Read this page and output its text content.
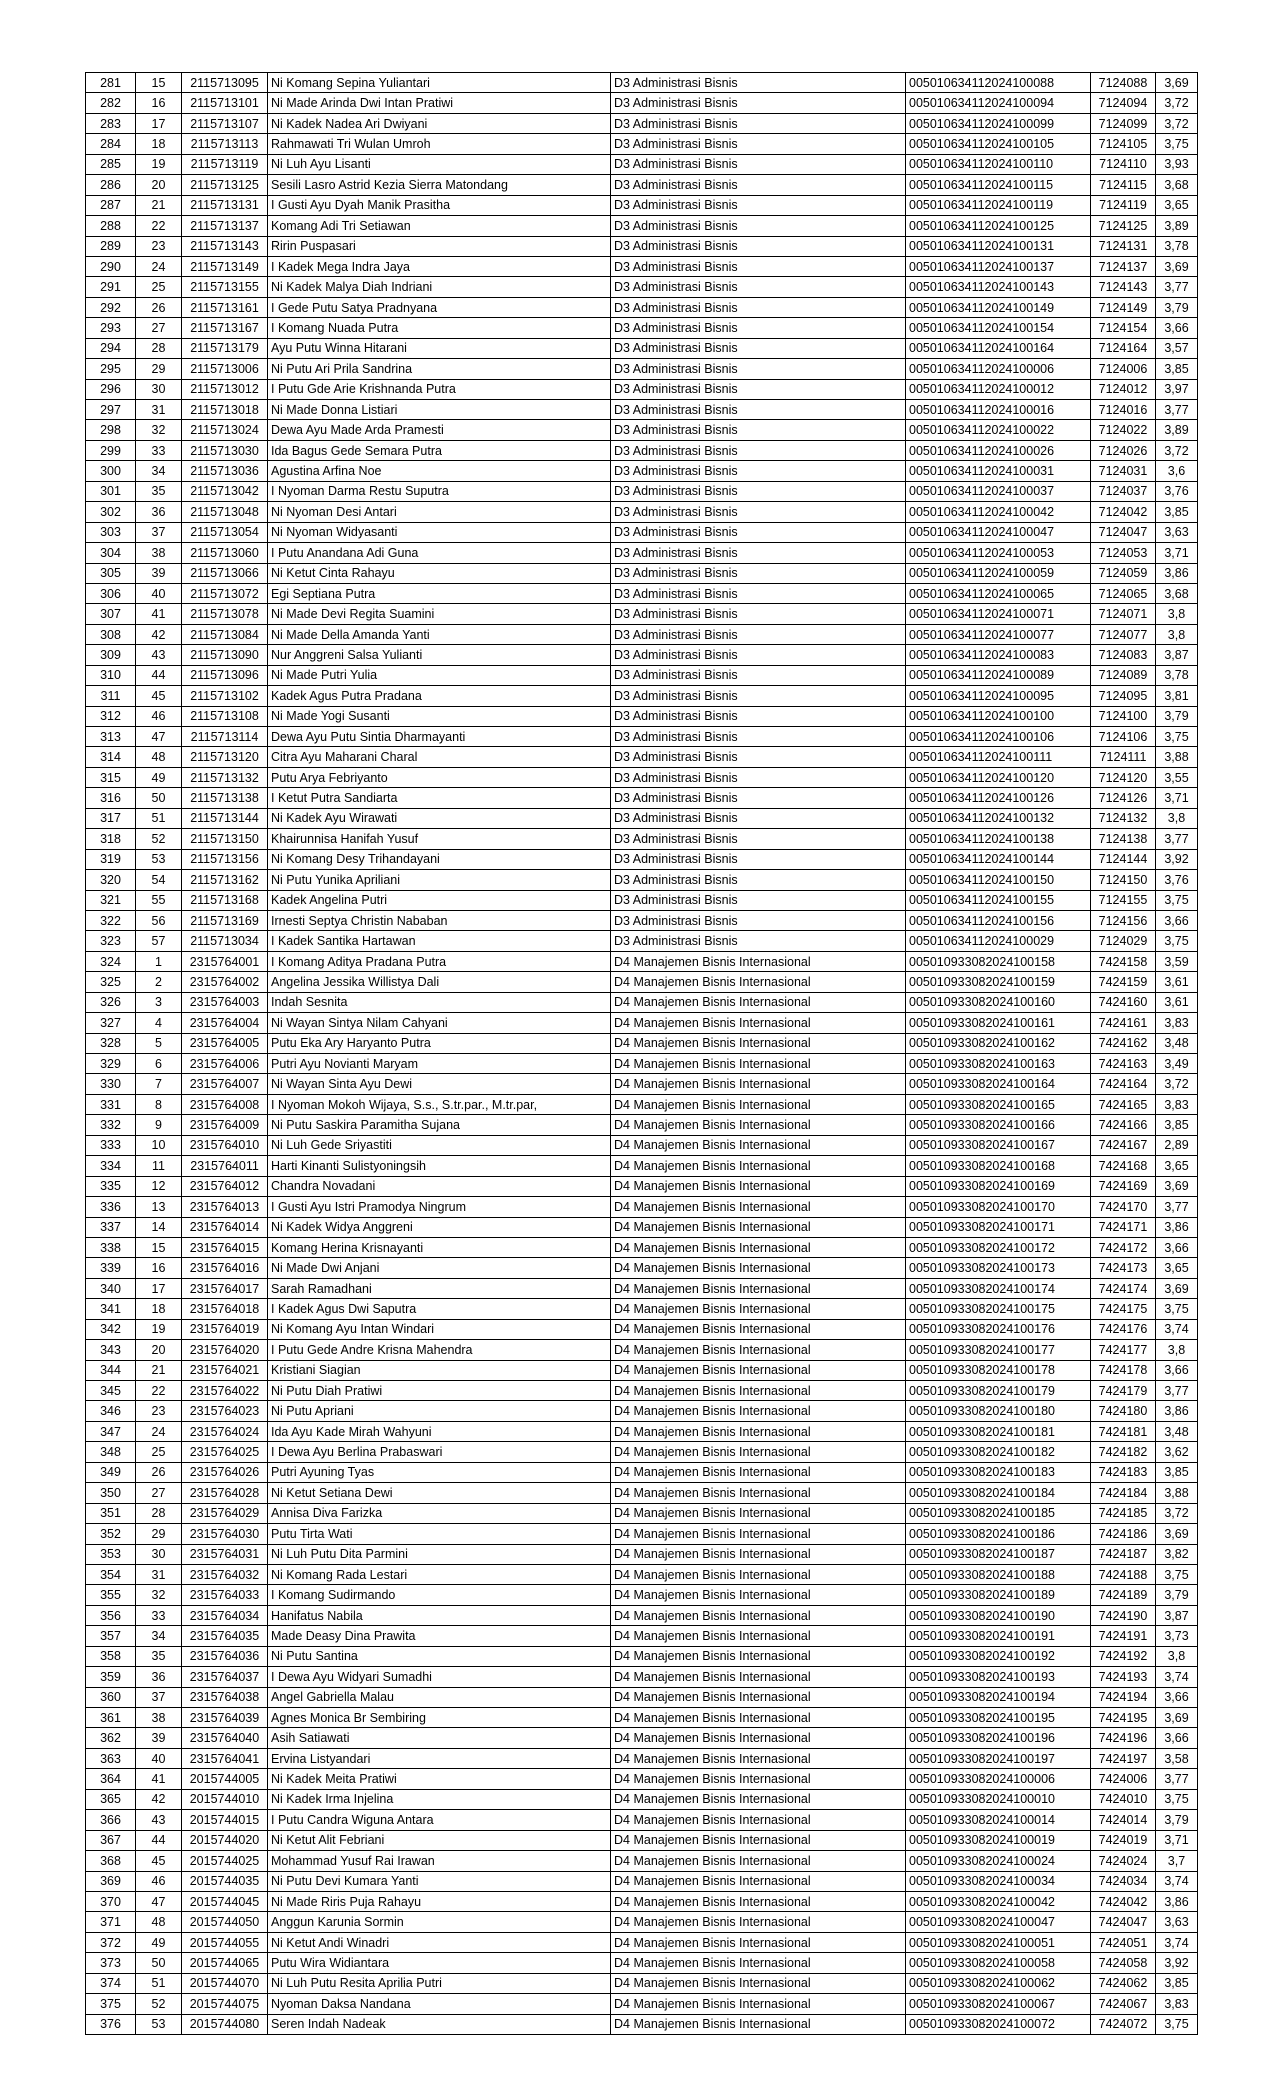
281	15	2115713095	Ni Komang Sepina Yuliantari	D3 Administrasi Bisnis	005010634112024100088	7124088	3,69
282	16	2115713101	Ni Made Arinda Dwi Intan Pratiwi	D3 Administrasi Bisnis	005010634112024100094	7124094	3,72
283	17	2115713107	Ni Kadek Nadea Ari Dwiyani	D3 Administrasi Bisnis	005010634112024100099	7124099	3,72
284	18	2115713113	Rahmawati Tri Wulan Umroh	D3 Administrasi Bisnis	005010634112024100105	7124105	3,75
285	19	2115713119	Ni Luh Ayu Lisanti	D3 Administrasi Bisnis	005010634112024100110	7124110	3,93
286	20	2115713125	Sesili Lasro Astrid Kezia Sierra Matondang	D3 Administrasi Bisnis	005010634112024100115	7124115	3,68
287	21	2115713131	I Gusti Ayu Dyah Manik Prasitha	D3 Administrasi Bisnis	005010634112024100119	7124119	3,65
288	22	2115713137	Komang Adi Tri Setiawan	D3 Administrasi Bisnis	005010634112024100125	7124125	3,89
289	23	2115713143	Ririn Puspasari	D3 Administrasi Bisnis	005010634112024100131	7124131	3,78
290	24	2115713149	I Kadek Mega Indra Jaya	D3 Administrasi Bisnis	005010634112024100137	7124137	3,69
291	25	2115713155	Ni Kadek Malya Diah Indriani	D3 Administrasi Bisnis	005010634112024100143	7124143	3,77
292	26	2115713161	I Gede Putu Satya Pradnyana	D3 Administrasi Bisnis	005010634112024100149	7124149	3,79
293	27	2115713167	I Komang Nuada Putra	D3 Administrasi Bisnis	005010634112024100154	7124154	3,66
294	28	2115713179	Ayu Putu Winna Hitarani	D3 Administrasi Bisnis	005010634112024100164	7124164	3,57
295	29	2115713006	Ni Putu Ari Prila Sandrina	D3 Administrasi Bisnis	005010634112024100006	7124006	3,85
296	30	2115713012	I Putu Gde Arie Krishnanda Putra	D3 Administrasi Bisnis	005010634112024100012	7124012	3,97
297	31	2115713018	Ni Made Donna Listiari	D3 Administrasi Bisnis	005010634112024100016	7124016	3,77
298	32	2115713024	Dewa Ayu Made Arda Pramesti	D3 Administrasi Bisnis	005010634112024100022	7124022	3,89
299	33	2115713030	Ida Bagus Gede Semara Putra	D3 Administrasi Bisnis	005010634112024100026	7124026	3,72
300	34	2115713036	Agustina Arfina Noe	D3 Administrasi Bisnis	005010634112024100031	7124031	3,6
301	35	2115713042	I Nyoman Darma Restu Suputra	D3 Administrasi Bisnis	005010634112024100037	7124037	3,76
302	36	2115713048	Ni Nyoman Desi Antari	D3 Administrasi Bisnis	005010634112024100042	7124042	3,85
303	37	2115713054	Ni Nyoman Widyasanti	D3 Administrasi Bisnis	005010634112024100047	7124047	3,63
304	38	2115713060	I Putu Anandana Adi Guna	D3 Administrasi Bisnis	005010634112024100053	7124053	3,71
305	39	2115713066	Ni Ketut Cinta Rahayu	D3 Administrasi Bisnis	005010634112024100059	7124059	3,86
306	40	2115713072	Egi Septiana Putra	D3 Administrasi Bisnis	005010634112024100065	7124065	3,68
307	41	2115713078	Ni Made Devi Regita Suamini	D3 Administrasi Bisnis	005010634112024100071	7124071	3,8
308	42	2115713084	Ni Made Della Amanda Yanti	D3 Administrasi Bisnis	005010634112024100077	7124077	3,8
309	43	2115713090	Nur Anggreni Salsa Yulianti	D3 Administrasi Bisnis	005010634112024100083	7124083	3,87
310	44	2115713096	Ni Made Putri Yulia	D3 Administrasi Bisnis	005010634112024100089	7124089	3,78
311	45	2115713102	Kadek Agus Putra Pradana	D3 Administrasi Bisnis	005010634112024100095	7124095	3,81
312	46	2115713108	Ni Made Yogi Susanti	D3 Administrasi Bisnis	005010634112024100100	7124100	3,79
313	47	2115713114	Dewa Ayu Putu Sintia Dharmayanti	D3 Administrasi Bisnis	005010634112024100106	7124106	3,75
314	48	2115713120	Citra Ayu Maharani Charal	D3 Administrasi Bisnis	005010634112024100111	7124111	3,88
315	49	2115713132	Putu Arya Febriyanto	D3 Administrasi Bisnis	005010634112024100120	7124120	3,55
316	50	2115713138	I Ketut Putra Sandiarta	D3 Administrasi Bisnis	005010634112024100126	7124126	3,71
317	51	2115713144	Ni Kadek Ayu Wirawati	D3 Administrasi Bisnis	005010634112024100132	7124132	3,8
318	52	2115713150	Khairunnisa Hanifah Yusuf	D3 Administrasi Bisnis	005010634112024100138	7124138	3,77
319	53	2115713156	Ni Komang Desy Trihandayani	D3 Administrasi Bisnis	005010634112024100144	7124144	3,92
320	54	2115713162	Ni Putu Yunika Apriliani	D3 Administrasi Bisnis	005010634112024100150	7124150	3,76
321	55	2115713168	Kadek Angelina Putri	D3 Administrasi Bisnis	005010634112024100155	7124155	3,75
322	56	2115713169	Irnesti Septya Christin Nababan	D3 Administrasi Bisnis	005010634112024100156	7124156	3,66
323	57	2115713034	I Kadek Santika Hartawan	D3 Administrasi Bisnis	005010634112024100029	7124029	3,75
324	1	2315764001	I Komang Aditya Pradana Putra	D4 Manajemen Bisnis Internasional	005010933082024100158	7424158	3,59
325	2	2315764002	Angelina Jessika Willistya Dali	D4 Manajemen Bisnis Internasional	005010933082024100159	7424159	3,61
326	3	2315764003	Indah Sesnita	D4 Manajemen Bisnis Internasional	005010933082024100160	7424160	3,61
327	4	2315764004	Ni Wayan Sintya Nilam Cahyani	D4 Manajemen Bisnis Internasional	005010933082024100161	7424161	3,83
328	5	2315764005	Putu Eka Ary Haryanto Putra	D4 Manajemen Bisnis Internasional	005010933082024100162	7424162	3,48
329	6	2315764006	Putri Ayu Novianti Maryam	D4 Manajemen Bisnis Internasional	005010933082024100163	7424163	3,49
330	7	2315764007	Ni Wayan Sinta Ayu Dewi	D4 Manajemen Bisnis Internasional	005010933082024100164	7424164	3,72
331	8	2315764008	I Nyoman Mokoh Wijaya, S.s., S.tr.par., M.tr.par,	D4 Manajemen Bisnis Internasional	005010933082024100165	7424165	3,83
332	9	2315764009	Ni Putu Saskira Paramitha Sujana	D4 Manajemen Bisnis Internasional	005010933082024100166	7424166	3,85
333	10	2315764010	Ni Luh Gede Sriyastiti	D4 Manajemen Bisnis Internasional	005010933082024100167	7424167	2,89
334	11	2315764011	Harti Kinanti Sulistyoningsih	D4 Manajemen Bisnis Internasional	005010933082024100168	7424168	3,65
335	12	2315764012	Chandra Novadani	D4 Manajemen Bisnis Internasional	005010933082024100169	7424169	3,69
336	13	2315764013	I Gusti Ayu Istri Pramodya Ningrum	D4 Manajemen Bisnis Internasional	005010933082024100170	7424170	3,77
337	14	2315764014	Ni Kadek Widya Anggreni	D4 Manajemen Bisnis Internasional	005010933082024100171	7424171	3,86
338	15	2315764015	Komang Herina Krisnayanti	D4 Manajemen Bisnis Internasional	005010933082024100172	7424172	3,66
339	16	2315764016	Ni Made Dwi Anjani	D4 Manajemen Bisnis Internasional	005010933082024100173	7424173	3,65
340	17	2315764017	Sarah Ramadhani	D4 Manajemen Bisnis Internasional	005010933082024100174	7424174	3,69
341	18	2315764018	I Kadek Agus Dwi Saputra	D4 Manajemen Bisnis Internasional	005010933082024100175	7424175	3,75
342	19	2315764019	Ni Komang Ayu Intan Windari	D4 Manajemen Bisnis Internasional	005010933082024100176	7424176	3,74
343	20	2315764020	I Putu Gede Andre Krisna Mahendra	D4 Manajemen Bisnis Internasional	005010933082024100177	7424177	3,8
344	21	2315764021	Kristiani Siagian	D4 Manajemen Bisnis Internasional	005010933082024100178	7424178	3,66
345	22	2315764022	Ni Putu Diah Pratiwi	D4 Manajemen Bisnis Internasional	005010933082024100179	7424179	3,77
346	23	2315764023	Ni Putu Apriani	D4 Manajemen Bisnis Internasional	005010933082024100180	7424180	3,86
347	24	2315764024	Ida Ayu Kade Mirah Wahyuni	D4 Manajemen Bisnis Internasional	005010933082024100181	7424181	3,48
348	25	2315764025	I Dewa Ayu Berlina Prabaswari	D4 Manajemen Bisnis Internasional	005010933082024100182	7424182	3,62
349	26	2315764026	Putri Ayuning Tyas	D4 Manajemen Bisnis Internasional	005010933082024100183	7424183	3,85
350	27	2315764028	Ni Ketut Setiana Dewi	D4 Manajemen Bisnis Internasional	005010933082024100184	7424184	3,88
351	28	2315764029	Annisa Diva Farizka	D4 Manajemen Bisnis Internasional	005010933082024100185	7424185	3,72
352	29	2315764030	Putu Tirta Wati	D4 Manajemen Bisnis Internasional	005010933082024100186	7424186	3,69
353	30	2315764031	Ni Luh Putu Dita Parmini	D4 Manajemen Bisnis Internasional	005010933082024100187	7424187	3,82
354	31	2315764032	Ni Komang Rada Lestari	D4 Manajemen Bisnis Internasional	005010933082024100188	7424188	3,75
355	32	2315764033	I Komang Sudirmando	D4 Manajemen Bisnis Internasional	005010933082024100189	7424189	3,79
356	33	2315764034	Hanifatus Nabila	D4 Manajemen Bisnis Internasional	005010933082024100190	7424190	3,87
357	34	2315764035	Made Deasy Dina Prawita	D4 Manajemen Bisnis Internasional	005010933082024100191	7424191	3,73
358	35	2315764036	Ni Putu Santina	D4 Manajemen Bisnis Internasional	005010933082024100192	7424192	3,8
359	36	2315764037	I Dewa Ayu Widyari Sumadhi	D4 Manajemen Bisnis Internasional	005010933082024100193	7424193	3,74
360	37	2315764038	Angel Gabriella Malau	D4 Manajemen Bisnis Internasional	005010933082024100194	7424194	3,66
361	38	2315764039	Agnes Monica Br Sembiring	D4 Manajemen Bisnis Internasional	005010933082024100195	7424195	3,69
362	39	2315764040	Asih Satiawati	D4 Manajemen Bisnis Internasional	005010933082024100196	7424196	3,66
363	40	2315764041	Ervina Listyandari	D4 Manajemen Bisnis Internasional	005010933082024100197	7424197	3,58
364	41	2015744005	Ni Kadek Meita Pratiwi	D4 Manajemen Bisnis Internasional	005010933082024100006	7424006	3,77
365	42	2015744010	Ni Kadek Irma Injelina	D4 Manajemen Bisnis Internasional	005010933082024100010	7424010	3,75
366	43	2015744015	I Putu Candra Wiguna Antara	D4 Manajemen Bisnis Internasional	005010933082024100014	7424014	3,79
367	44	2015744020	Ni Ketut Alit Febriani	D4 Manajemen Bisnis Internasional	005010933082024100019	7424019	3,71
368	45	2015744025	Mohammad Yusuf Rai Irawan	D4 Manajemen Bisnis Internasional	005010933082024100024	7424024	3,7
369	46	2015744035	Ni Putu Devi Kumara Yanti	D4 Manajemen Bisnis Internasional	005010933082024100034	7424034	3,74
370	47	2015744045	Ni Made Riris Puja Rahayu	D4 Manajemen Bisnis Internasional	005010933082024100042	7424042	3,86
371	48	2015744050	Anggun Karunia Sormin	D4 Manajemen Bisnis Internasional	005010933082024100047	7424047	3,63
372	49	2015744055	Ni Ketut Andi Winadri	D4 Manajemen Bisnis Internasional	005010933082024100051	7424051	3,74
373	50	2015744065	Putu Wira Widiantara	D4 Manajemen Bisnis Internasional	005010933082024100058	7424058	3,92
374	51	2015744070	Ni Luh Putu Resita Aprilia Putri	D4 Manajemen Bisnis Internasional	005010933082024100062	7424062	3,85
375	52	2015744075	Nyoman Daksa Nandana	D4 Manajemen Bisnis Internasional	005010933082024100067	7424067	3,83
376	53	2015744080	Seren Indah Nadeak	D4 Manajemen Bisnis Internasional	005010933082024100072	7424072	3,75
